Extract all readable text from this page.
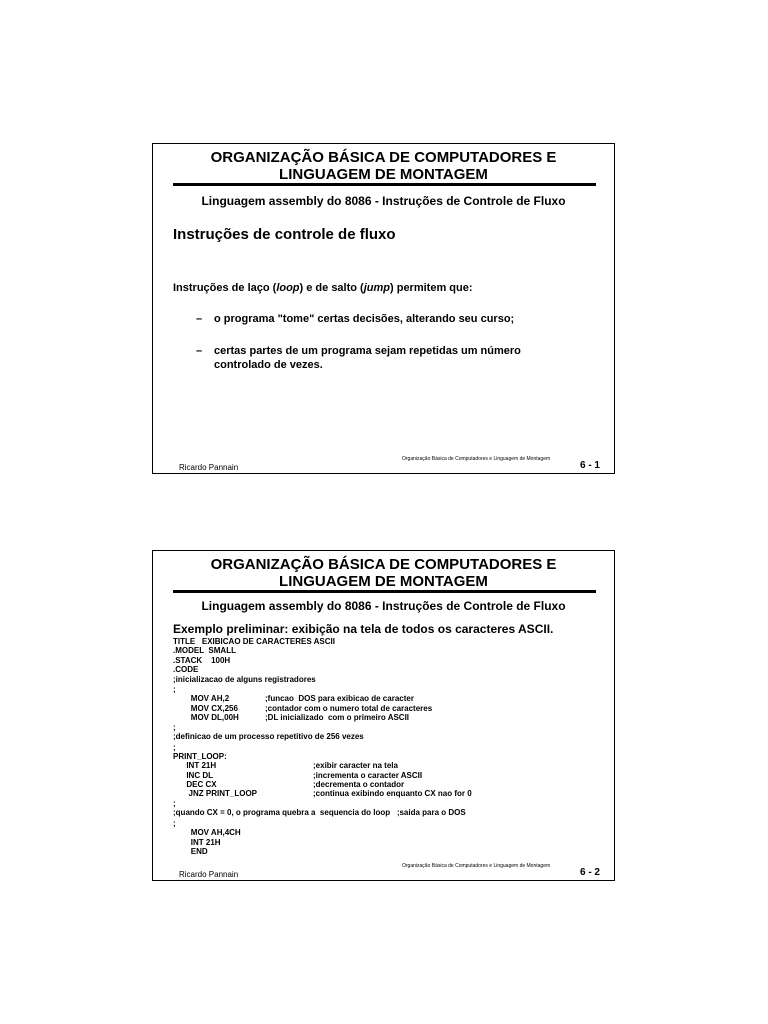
ORGANIZAÇÃO BÁSICA DE COMPUTADORES E
LINGUAGEM DE MONTAGEM
Linguagem assembly do 8086 - Instruções de Controle de Fluxo
Instruções de controle de fluxo
Instruções de laço (loop) e de salto (jump) permitem que:
– o programa "tome" certas decisões, alterando seu curso;
– certas partes de um programa sejam repetidas um número controlado de vezes.
Organização Básica de Computadores e Linguagem de Montagem
Ricardo Pannain	6 - 1
ORGANIZAÇÃO BÁSICA DE COMPUTADORES E
LINGUAGEM DE MONTAGEM
Linguagem assembly do 8086 - Instruções de Controle de Fluxo
Exemplo preliminar: exibição na tela de todos os caracteres ASCII.
TITLE   EXIBICAO DE CARACTERES ASCII
.MODEL  SMALL
.STACK    100H
.CODE
;inicializacao de alguns registradores
;
MOV AH,2	;funcao  DOS para exibicao de caracter
MOV CX,256	;contador com o numero total de caracteres
MOV DL,00H	;DL inicializado  com o primeiro ASCII
;
;definicao de um processo repetitivo de 256 vezes
;
PRINT_LOOP:
INT 21H	;exibir caracter na tela
INC DL	;incrementa o caracter ASCII
DEC CX	;decrementa o contador
JNZ PRINT_LOOP	;continua exibindo enquanto CX nao for 0
;
;quando CX = 0, o programa quebra a  sequencia do loop   ;saida para o DOS
;
MOV AH,4CH
INT 21H
END
Organização Básica de Computadores e Linguagem de Montagem
Ricardo Pannain	6 - 2
